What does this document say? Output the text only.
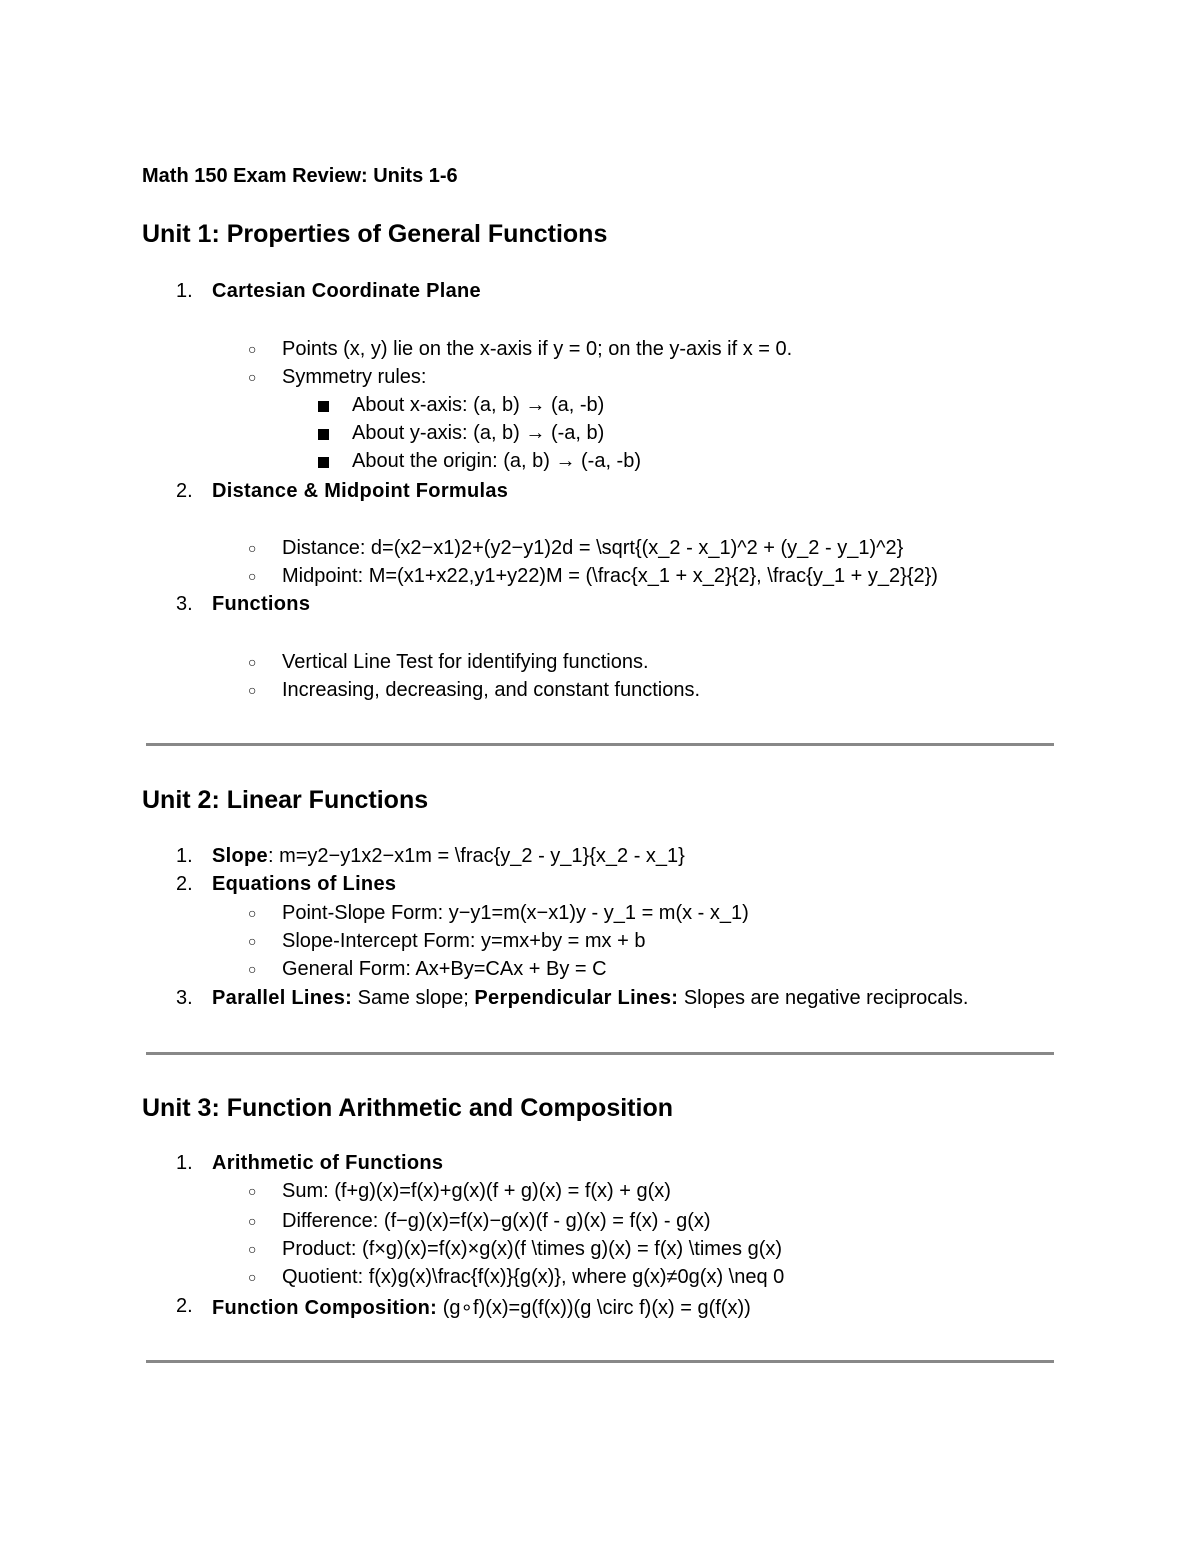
Math 150 Exam Review: Units 1-6
Unit 1: Properties of General Functions
1. Cartesian Coordinate Plane
○ Points (x, y) lie on the x-axis if y = 0; on the y-axis if x = 0.
○ Symmetry rules:
About x-axis: (a, b) → (a, -b)
About y-axis: (a, b) → (-a, b)
About the origin: (a, b) → (-a, -b)
2. Distance & Midpoint Formulas
○ Distance: d=(x2−x1)2+(y2−y1)2d = \sqrt{(x_2 - x_1)^2 + (y_2 - y_1)^2}
○ Midpoint: M=(x1+x22,y1+y22)M = (\frac{x_1 + x_2}{2}, \frac{y_1 + y_2}{2})
3. Functions
○ Vertical Line Test for identifying functions.
○ Increasing, decreasing, and constant functions.
Unit 2: Linear Functions
1. Slope: m=y2−y1x2−x1m = \frac{y_2 - y_1}{x_2 - x_1}
2. Equations of Lines
○ Point-Slope Form: y−y1=m(x−x1)y - y_1 = m(x - x_1)
○ Slope-Intercept Form: y=mx+by = mx + b
○ General Form: Ax+By=CAx + By = C
3. Parallel Lines: Same slope; Perpendicular Lines: Slopes are negative reciprocals.
Unit 3: Function Arithmetic and Composition
1. Arithmetic of Functions
○ Sum: (f+g)(x)=f(x)+g(x)(f + g)(x) = f(x) + g(x)
○ Difference: (f−g)(x)=f(x)−g(x)(f - g)(x) = f(x) - g(x)
○ Product: (f×g)(x)=f(x)×g(x)(f \times g)(x) = f(x) \times g(x)
○ Quotient: f(x)g(x)\frac{f(x)}{g(x)}, where g(x)≠0g(x) \neq 0
2. Function Composition: (g∘f)(x)=g(f(x))(g \circ f)(x) = g(f(x))
